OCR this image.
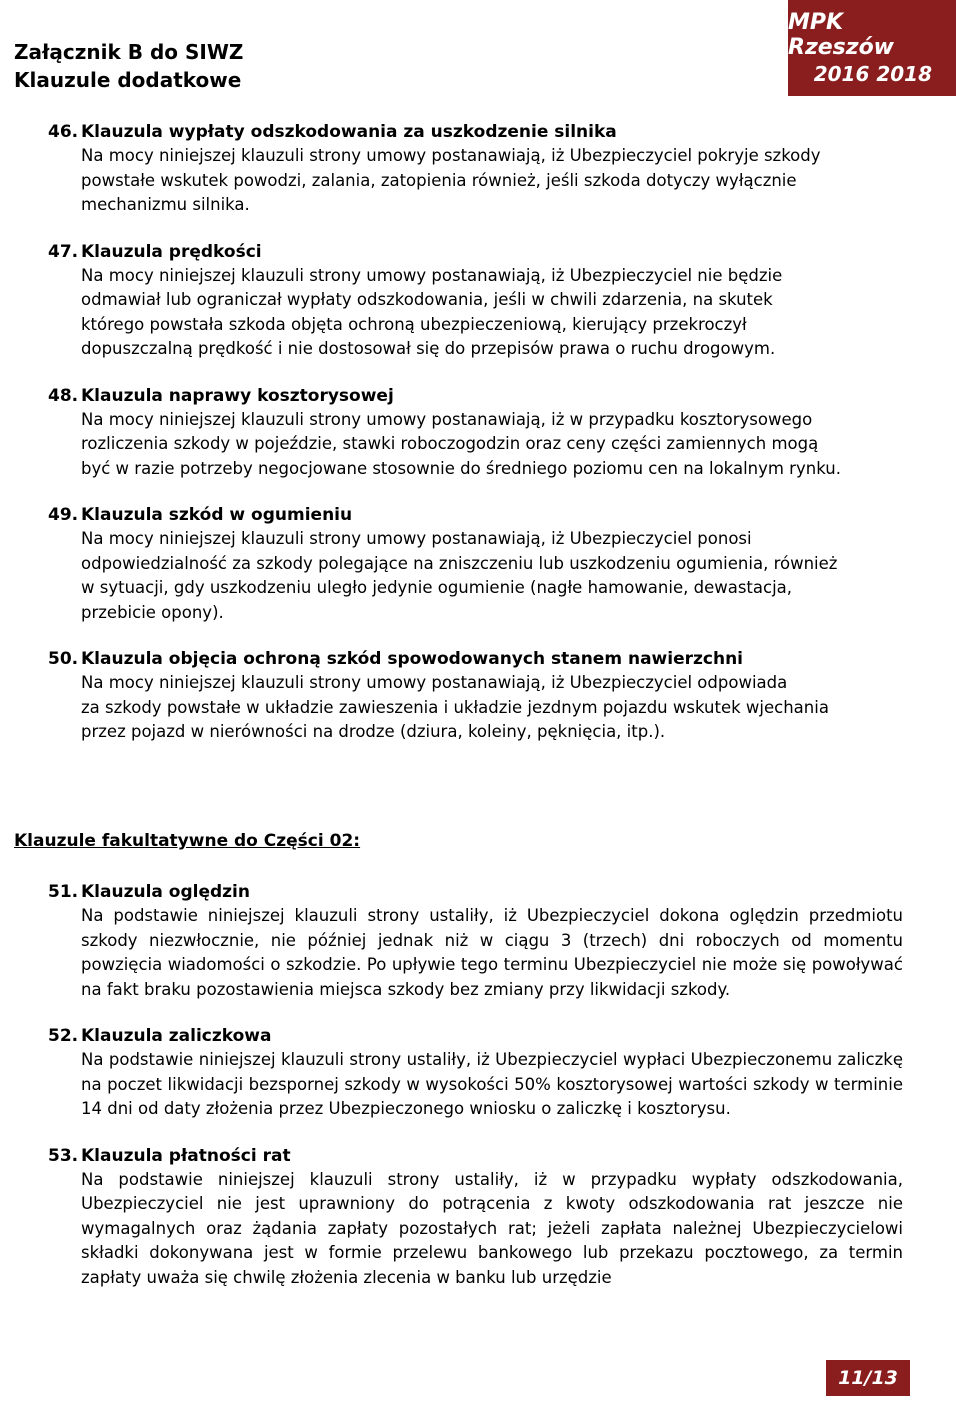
Załącznik B do SIWZ
Klauzule dodatkowe
MPK Rzeszów
2016 2018
46. Klauzula wypłaty odszkodowania za uszkodzenie silnika
Na mocy niniejszej klauzuli strony umowy postanawiają, iż Ubezpieczyciel pokryje szkody
powstałe wskutek powodzi, zalania, zatopienia również, jeśli szkoda dotyczy wyłącznie
mechanizmu silnika.
47. Klauzula prędkości
Na mocy niniejszej klauzuli strony umowy postanawiają, iż Ubezpieczyciel nie będzie
odmawiał lub ograniczał wypłaty odszkodowania, jeśli w chwili zdarzenia, na skutek
którego powstała szkoda objęta ochroną ubezpieczeniową, kierujący przekroczył
dopuszczalną prędkość i nie dostosował się do przepisów prawa o ruchu drogowym.
48. Klauzula naprawy kosztorysowej
Na mocy niniejszej klauzuli strony umowy postanawiają, iż w przypadku kosztorysowego
rozliczenia szkody w pojeździe, stawki roboczogodzin oraz ceny części zamiennych mogą
być w razie potrzeby negocjowane stosownie do średniego poziomu cen na lokalnym rynku.
49. Klauzula szkód w ogumieniu
Na mocy niniejszej klauzuli strony umowy postanawiają, iż Ubezpieczyciel ponosi
odpowiedzialność za szkody polegające na zniszczeniu lub uszkodzeniu ogumienia, również
w sytuacji, gdy uszkodzeniu uległo jedynie ogumienie (nagłe hamowanie, dewastacja,
przebicie opony).
50. Klauzula objęcia ochroną szkód spowodowanych stanem nawierzchni
Na mocy niniejszej klauzuli strony umowy postanawiają, iż Ubezpieczyciel odpowiada
za szkody powstałe w układzie zawieszenia i układzie jezdnym pojazdu wskutek wjechania
przez pojazd w nierówności na drodze (dziura, koleiny, pęknięcia, itp.).
Klauzule fakultatywne do Części 02:
51. Klauzula oględzin
Na podstawie niniejszej klauzuli strony ustaliły, iż Ubezpieczyciel dokona oględzin przedmiotu szkody niezwłocznie, nie później jednak niż w ciągu 3 (trzech) dni roboczych od momentu powzięcia wiadomości o szkodzie. Po upływie tego terminu Ubezpieczyciel nie może się powoływać na fakt braku pozostawienia miejsca szkody bez zmiany przy likwidacji szkody.
52. Klauzula zaliczkowa
Na podstawie niniejszej klauzuli strony ustaliły, iż Ubezpieczyciel wypłaci Ubezpieczonemu zaliczkę na poczet likwidacji bezspornej szkody w wysokości 50% kosztorysowej wartości szkody w terminie 14 dni od daty złożenia przez Ubezpieczonego wniosku o zaliczkę i kosztorysu.
53. Klauzula płatności rat
Na podstawie niniejszej klauzuli strony ustaliły, iż w przypadku wypłaty odszkodowania, Ubezpieczyciel nie jest uprawniony do potrącenia z kwoty odszkodowania rat jeszcze nie wymagalnych oraz żądania zapłaty pozostałych rat; jeżeli zapłata należnej Ubezpieczycielowi składki dokonywana jest w formie przelewu bankowego lub przekazu pocztowego, za termin zapłaty uważa się chwilę złożenia zlecenia w banku lub urzędzie
11/13
